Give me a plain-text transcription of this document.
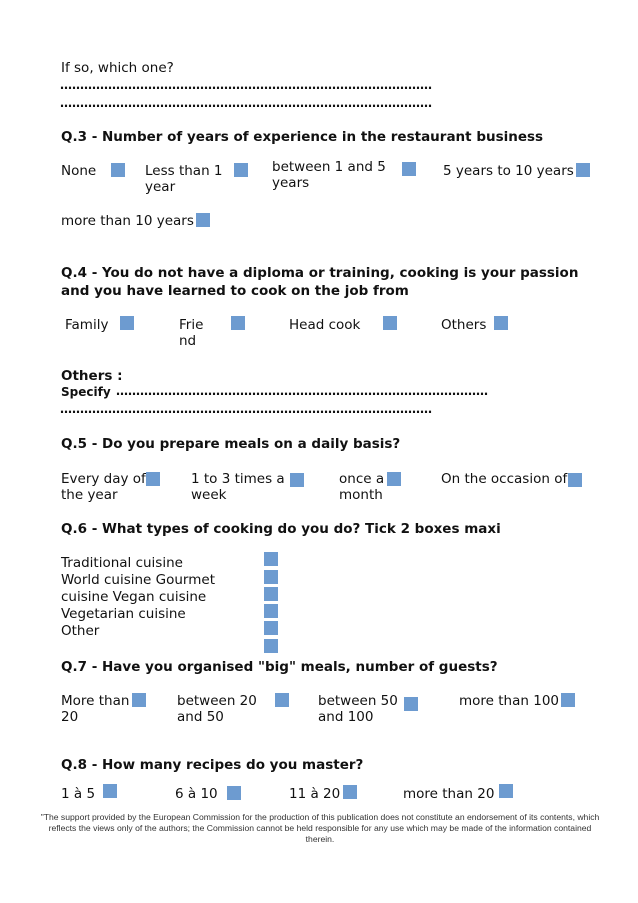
If so, which one?
…………………………………………………………………………………
…………………………………………………………………………………
Q.3 - Number of years of experience in the restaurant business
None	Less than 1
year
between 1 and 5
years
5 years to 10 years
more than 10 years
Q.4 - You do not have a diploma or training, cooking is your passion
and you have learned to cook on the job from
Family	Frie
nd
Head cook	Others
Others :
Specify …………………………………………………………………………………
…………………………………………………………………………………
Q.5 - Do you prepare meals on a daily basis?
Every day of
the year
1 to 3 times a
week
once a
month
On the occasion of
Q.6 - What types of cooking do you do? Tick 2 boxes maxi
Traditional cuisine
World cuisine Gourmet
cuisine Vegan cuisine
Vegetarian cuisine
Other
Q.7 - Have you organised "big" meals, number of guests?
More than
20
between 20
and 50
between 50
and 100
more than 100
Q.8 - How many recipes do you master?
1 à 5	6 à 10	11 à 20	more than 20
"The support provided by the European Commission for the production of this publication does not constitute an endorsement of its contents, which reflects the views only of the authors; the Commission cannot be held responsible for any use which may be made of the information contained therein.
